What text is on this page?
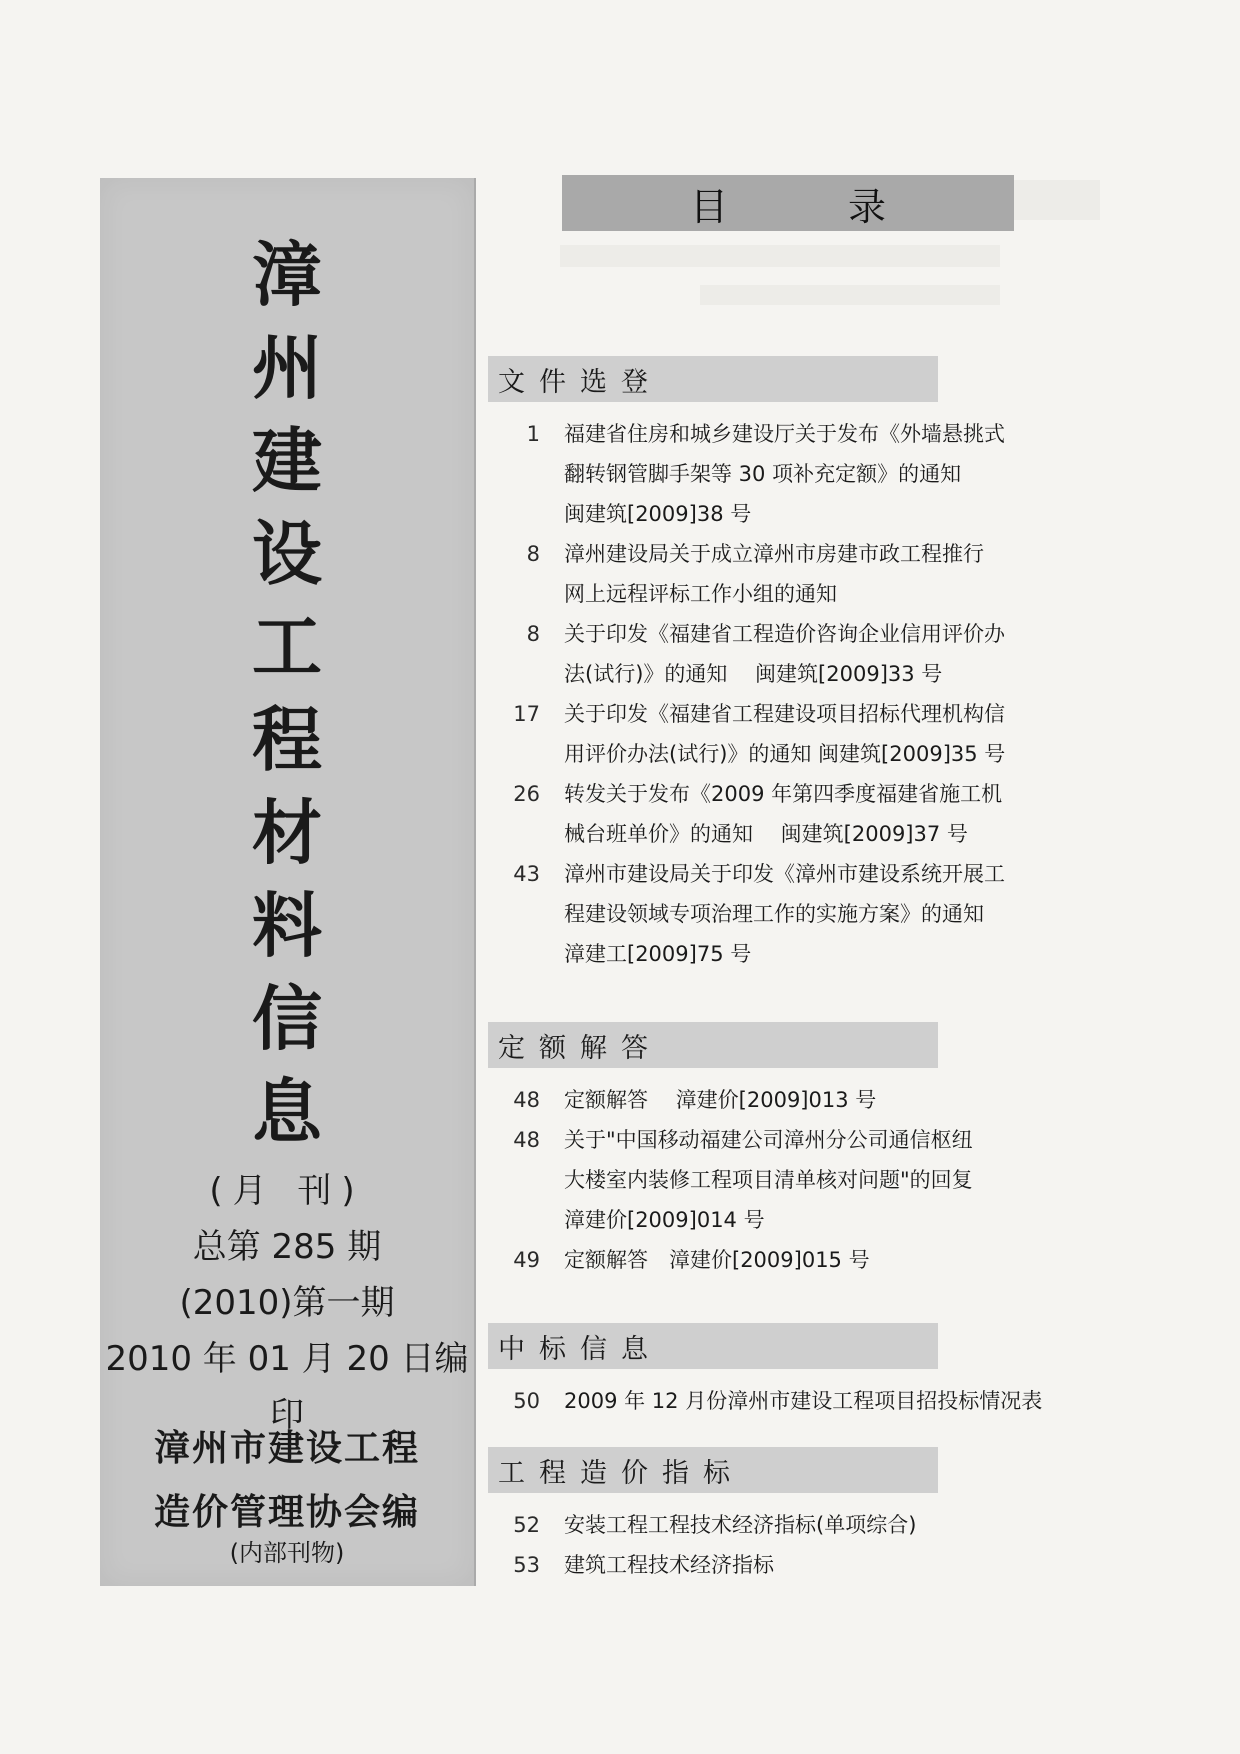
漳
州
建
设
工
程
材
料
信
息
(月 刊)
总第 285 期
(2010)第一期
2010 年 01 月 20 日编印
漳州市建设工程
造价管理协会编
(内部刊物)
目录
文件选登
1	福建省住房和城乡建设厅关于发布《外墙悬挑式
翻转钢管脚手架等 30 项补充定额》的通知
闽建筑[2009]38 号
8	漳州建设局关于成立漳州市房建市政工程推行
网上远程评标工作小组的通知
8	关于印发《福建省工程造价咨询企业信用评价办
法(试行)》的通知　 闽建筑[2009]33 号
17	关于印发《福建省工程建设项目招标代理机构信
用评价办法(试行)》的通知 闽建筑[2009]35 号
26	转发关于发布《2009 年第四季度福建省施工机
械台班单价》的通知　 闽建筑[2009]37 号
43	漳州市建设局关于印发《漳州市建设系统开展工
程建设领域专项治理工作的实施方案》的通知
漳建工[2009]75 号
定额解答
48	定额解答　 漳建价[2009]013 号
48	关于"中国移动福建公司漳州分公司通信枢纽
大楼室内装修工程项目清单核对问题"的回复
漳建价[2009]014 号
49	定额解答　漳建价[2009]015 号
中标信息
50	2009 年 12 月份漳州市建设工程项目招投标情况表
工程造价指标
52	安装工程工程技术经济指标(单项综合)
53	建筑工程技术经济指标
